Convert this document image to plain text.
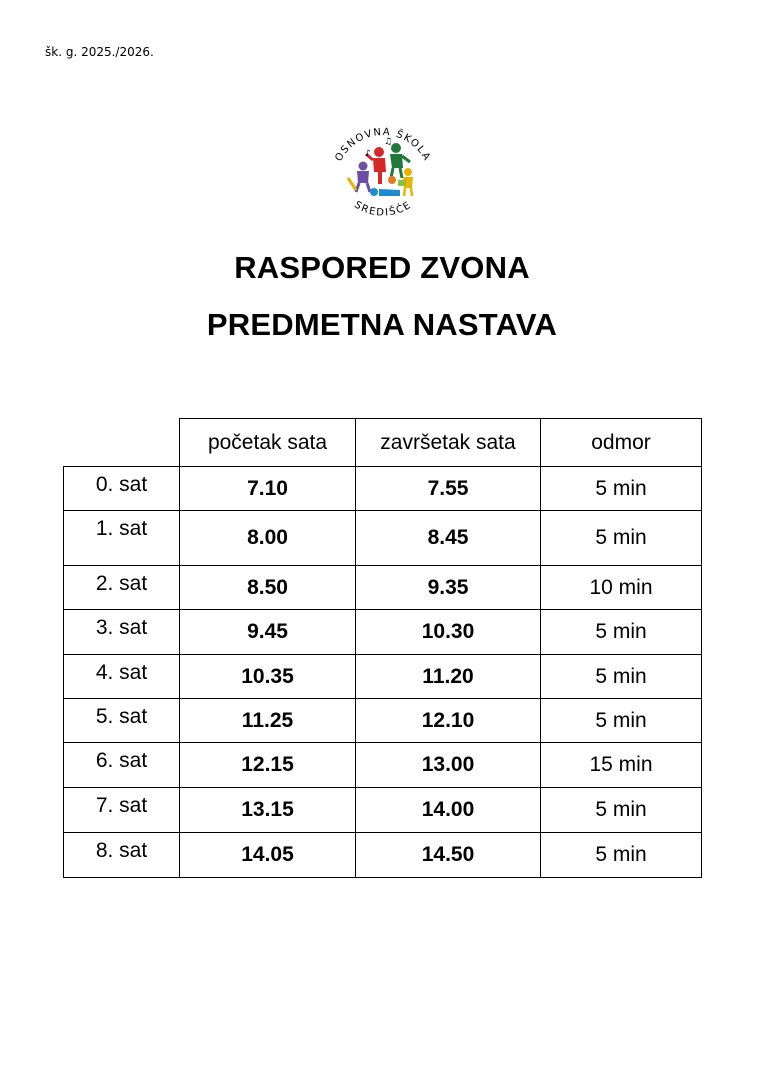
šk. g. 2025./2026.
OSNOVNA ŠKOLA
SREDIŠĆE
♪
♫
RASPORED ZVONA
PREDMETNA NASTAVA
	početak sata	završetak sata	odmor
0. sat	7.10	7.55	5 min
1. sat	8.00	8.45	5 min
2. sat	8.50	9.35	10 min
3. sat	9.45	10.30	5 min
4. sat	10.35	11.20	5 min
5. sat	11.25	12.10	5 min
6. sat	12.15	13.00	15 min
7. sat	13.15	14.00	5 min
8. sat	14.05	14.50	5 min
